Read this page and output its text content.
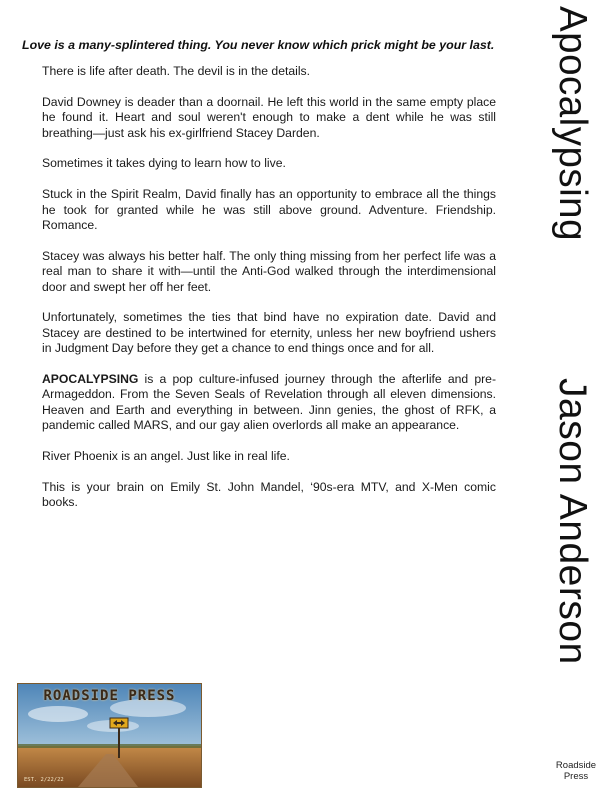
Love is a many-splintered thing. You never know which prick might be your last.

There is life after death. The devil is in the details.

David Downey is deader than a doornail. He left this world in the same empty place he found it. Heart and soul weren't enough to make a dent while he was still breathing—just ask his ex-girlfriend Stacey Darden.

Sometimes it takes dying to learn how to live.

Stuck in the Spirit Realm, David finally has an opportunity to embrace all the things he took for granted while he was still above ground. Adventure. Friendship. Romance.

Stacey was always his better half. The only thing missing from her perfect life was a real man to share it with—until the Anti-God walked through the interdimensional door and swept her off her feet.

Unfortunately, sometimes the ties that bind have no expiration date. David and Stacey are destined to be intertwined for eternity, unless her new boyfriend ushers in Judgment Day before they get a chance to end things once and for all.

APOCALYPSING is a pop culture-infused journey through the afterlife and pre-Armageddon. From the Seven Seals of Revelation through all eleven dimensions. Heaven and Earth and everything in between. Jinn genies, the ghost of RFK, a pandemic called MARS, and our gay alien overlords all make an appearance.

River Phoenix is an angel. Just like in real life.

This is your brain on Emily St. John Mandel, ‘90s-era MTV, and X-Men comic books.

Apocalypsing
Jason Anderson
Roadside
Press
ROADSIDE PRESS
EST. 2/22/22
